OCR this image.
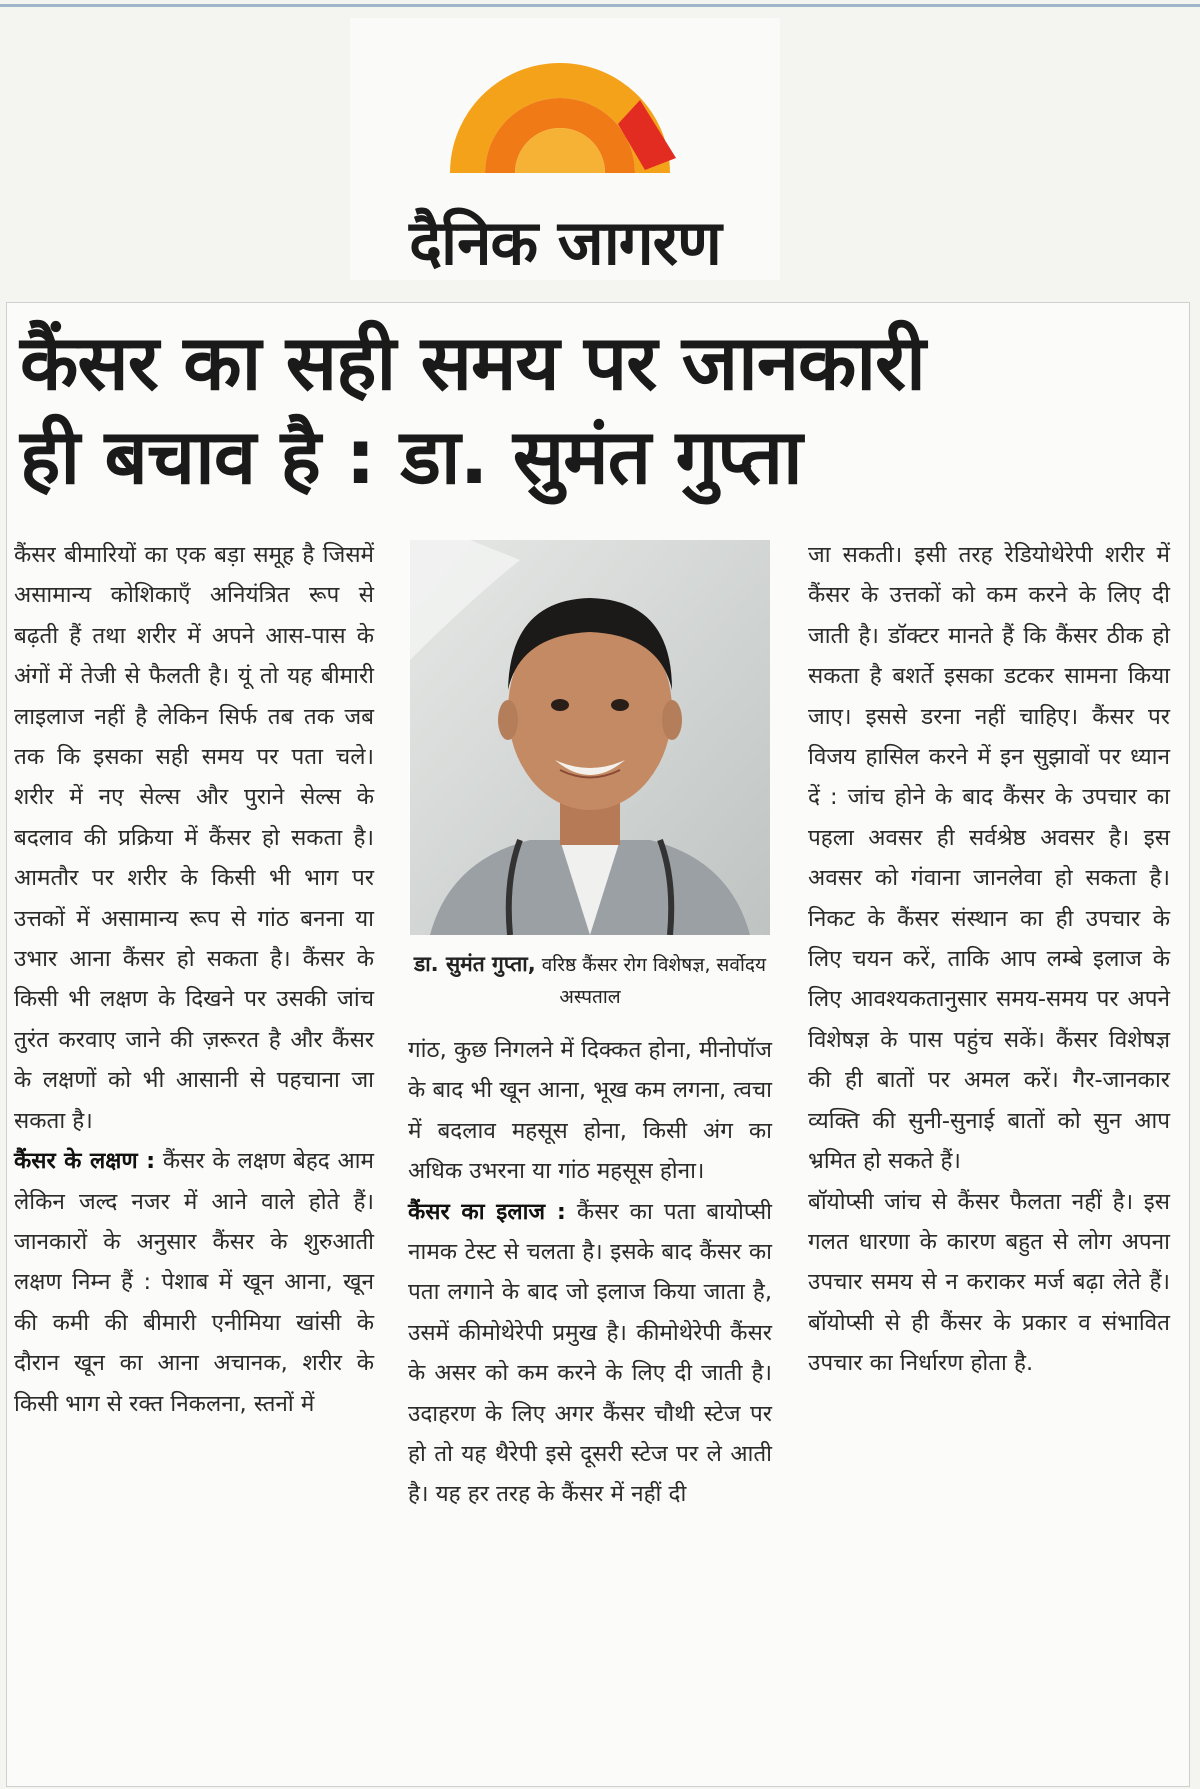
दैनिक जागरण
कैंसर का सही समय पर जानकारी
ही बचाव है : डा. सुमंत गुप्ता

कैंसर बीमारियों का एक बड़ा समूह है जिसमें असामान्य कोशिकाएँ अनियंत्रित रूप से बढ़ती हैं तथा शरीर में अपने आस-पास के अंगों में तेजी से फैलती है। यूं तो यह बीमारी लाइलाज नहीं है लेकिन सिर्फ तब तक जब तक कि इसका सही समय पर पता चले। शरीर में नए सेल्स और पुराने सेल्स के बदलाव की प्रक्रिया में कैंसर हो सकता है। आमतौर पर शरीर के किसी भी भाग पर उत्तकों में असामान्य रूप से गांठ बनना या उभार आना कैंसर हो सकता है। कैंसर के किसी भी लक्षण के दिखने पर उसकी जांच तुरंत करवाए जाने की ज़रूरत है और कैंसर के लक्षणों को भी आसानी से पहचाना जा सकता है।

कैंसर के लक्षण : कैंसर के लक्षण बेहद आम लेकिन जल्द नजर में आने वाले होते हैं। जानकारों के अनुसार कैंसर के शुरुआती लक्षण निम्न हैं : पेशाब में खून आना, खून की कमी की बीमारी एनीमिया खांसी के दौरान खून का आना अचानक, शरीर के किसी भाग से रक्त निकलना, स्तनों में

डा. सुमंत गुप्ता, वरिष्ठ कैंसर रोग विशेषज्ञ, सर्वोदय अस्पताल

गांठ, कुछ निगलने में दिक्कत होना, मीनोपॉज के बाद भी खून आना, भूख कम लगना, त्वचा में बदलाव महसूस होना, किसी अंग का अधिक उभरना या गांठ महसूस होना।

कैंसर का इलाज : कैंसर का पता बायोप्सी नामक टेस्ट से चलता है। इसके बाद कैंसर का पता लगाने के बाद जो इलाज किया जाता है, उसमें कीमोथेरेपी प्रमुख है। कीमोथेरेपी कैंसर के असर को कम करने के लिए दी जाती है। उदाहरण के लिए अगर कैंसर चौथी स्टेज पर हो तो यह थैरेपी इसे दूसरी स्टेज पर ले आती है। यह हर तरह के कैंसर में नहीं दी

जा सकती। इसी तरह रेडियोथेरेपी शरीर में कैंसर के उत्तकों को कम करने के लिए दी जाती है। डॉक्टर मानते हैं कि कैंसर ठीक हो सकता है बशर्ते इसका डटकर सामना किया जाए। इससे डरना नहीं चाहिए। कैंसर पर विजय हासिल करने में इन सुझावों पर ध्यान दें : जांच होने के बाद कैंसर के उपचार का पहला अवसर ही सर्वश्रेष्ठ अवसर है। इस अवसर को गंवाना जानलेवा हो सकता है। निकट के कैंसर संस्थान का ही उपचार के लिए चयन करें, ताकि आप लम्बे इलाज के लिए आवश्यकतानुसार समय-समय पर अपने विशेषज्ञ के पास पहुंच सकें। कैंसर विशेषज्ञ की ही बातों पर अमल करें। गैर-जानकार व्यक्ति की सुनी-सुनाई बातों को सुन आप भ्रमित हो सकते हैं।

बॉयोप्सी जांच से कैंसर फैलता नहीं है। इस गलत धारणा के कारण बहुत से लोग अपना उपचार समय से न कराकर मर्ज बढ़ा लेते हैं। बॉयोप्सी से ही कैंसर के प्रकार व संभावित उपचार का निर्धारण होता है.
